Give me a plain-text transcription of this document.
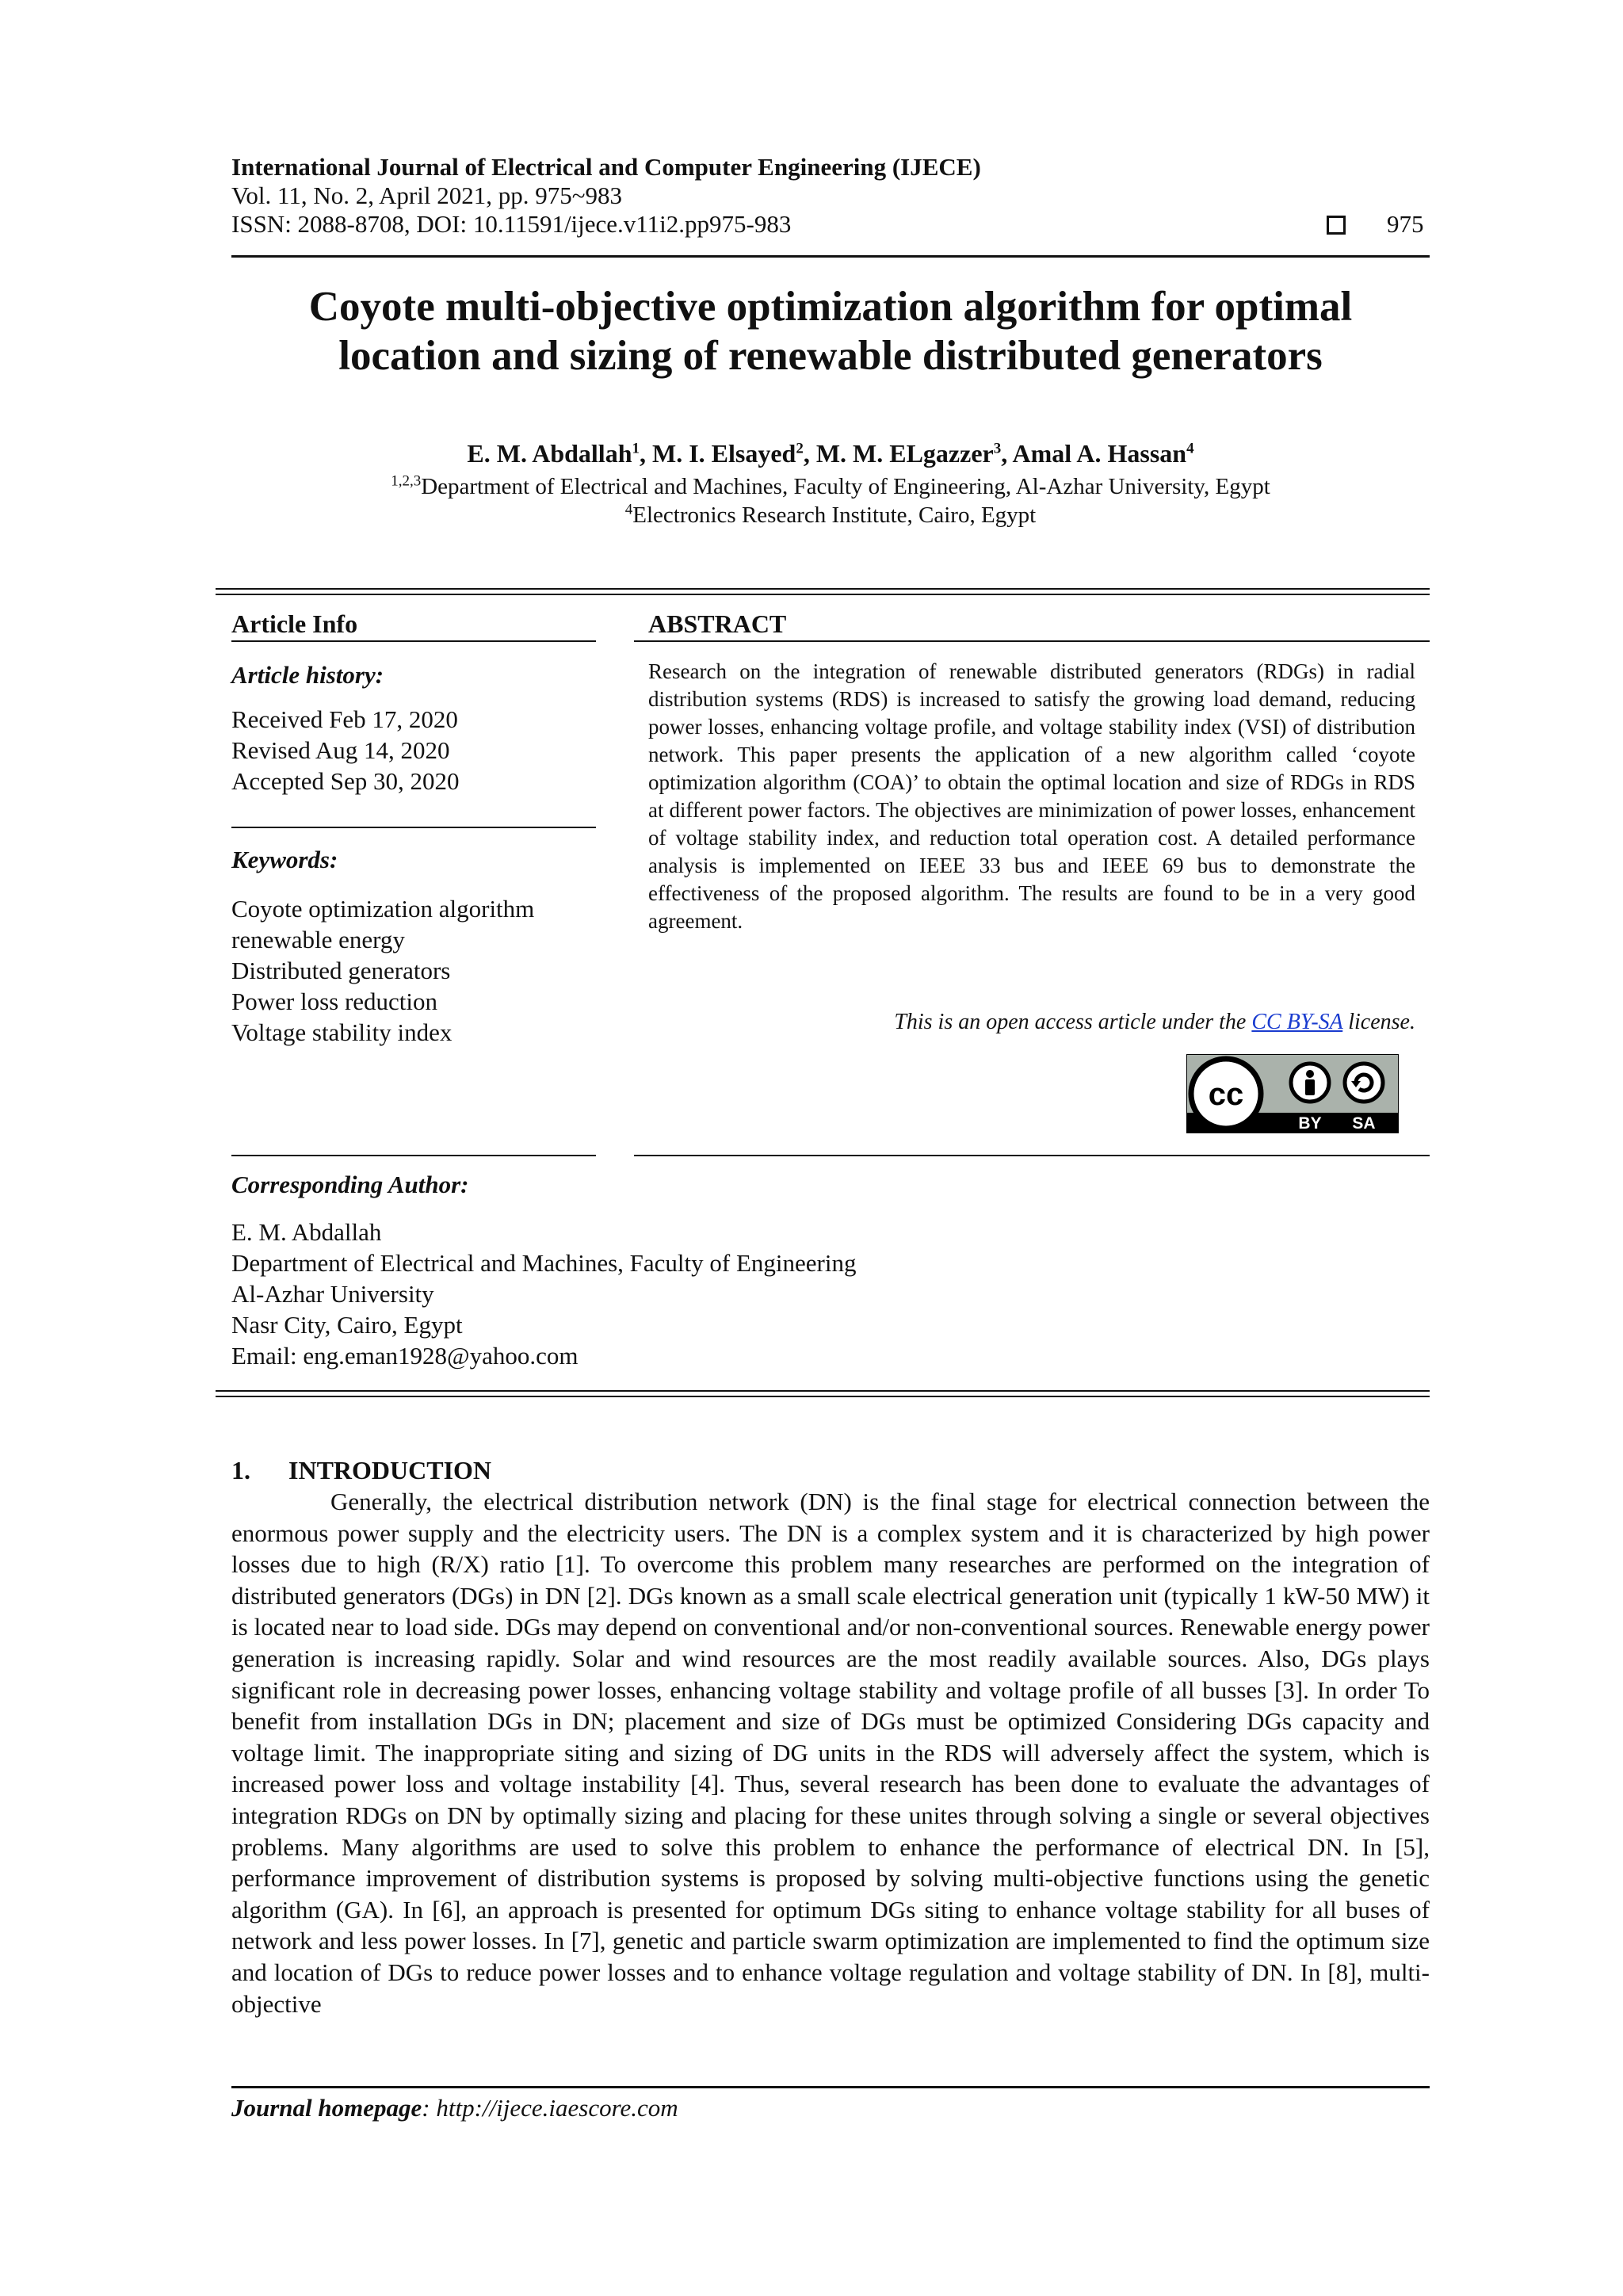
International Journal of Electrical and Computer Engineering (IJECE)
Vol. 11, No. 2, April 2021, pp. 975~983
ISSN: 2088-8708, DOI: 10.11591/ijece.v11i2.pp975-983	975
Coyote multi-objective optimization algorithm for optimal
location and sizing of renewable distributed generators
E. M. Abdallah$^1$, M. I. Elsayed$^2$, M. M. ELgazzer$^3$, Amal A. Hassan$^4$
$^{1,2,3}$Department of Electrical and Machines, Faculty of Engineering, Al-Azhar University, Egypt
$^4$Electronics Research Institute, Cairo, Egypt
Article Info	ABSTRACT
Article history:
Received Feb 17, 2020
Revised Aug 14, 2020
Accepted Sep 30, 2020
Keywords:
Coyote optimization algorithm
renewable energy
Distributed generators
Power loss reduction
Voltage stability index
Research on the integration of renewable distributed generators (RDGs) in radial distribution systems (RDS) is increased to satisfy the growing load demand, reducing power losses, enhancing voltage profile, and voltage stability index (VSI) of distribution network. This paper presents the application of a new algorithm called ‘coyote optimization algorithm (COA)’ to obtain the optimal location and size of RDGs in RDS at different power factors. The objectives are minimization of power losses, enhancement of voltage stability index, and reduction total operation cost. A detailed performance analysis is implemented on IEEE 33 bus and IEEE 69 bus to demonstrate the effectiveness of the proposed algorithm. The results are found to be in a very good agreement.
This is an open access article under the CC BY-SA license.
cc
BY SA
Corresponding Author:
E. M. Abdallah
Department of Electrical and Machines, Faculty of Engineering
Al-Azhar University
Nasr City, Cairo, Egypt
Email: eng.eman1928@yahoo.com
1. INTRODUCTION
Generally, the electrical distribution network (DN) is the final stage for electrical connection between the enormous power supply and the electricity users. The DN is a complex system and it is characterized by high power losses due to high (R/X) ratio [1]. To overcome this problem many researches are performed on the integration of distributed generators (DGs) in DN [2]. DGs known as a small scale electrical generation unit (typically 1 kW-50 MW) it is located near to load side. DGs may depend on conventional and/or non-conventional sources. Renewable energy power generation is increasing rapidly. Solar and wind resources are the most readily available sources. Also, DGs plays significant role in decreasing power losses, enhancing voltage stability and voltage profile of all busses [3]. In order To benefit from installation DGs in DN; placement and size of DGs must be optimized Considering DGs capacity and voltage limit. The inappropriate siting and sizing of DG units in the RDS will adversely affect the system, which is increased power loss and voltage instability [4]. Thus, several research has been done to evaluate the advantages of integration RDGs on DN by optimally sizing and placing for these unites through solving a single or several objectives problems. Many algorithms are used to solve this problem to enhance the performance of electrical DN. In [5], performance improvement of distribution systems is proposed by solving multi-objective functions using the genetic algorithm (GA). In [6], an approach is presented for optimum DGs siting to enhance voltage stability for all buses of network and less power losses. In [7], genetic and particle swarm optimization are implemented to find the optimum size and location of DGs to reduce power losses and to enhance voltage regulation and voltage stability of DN. In [8], multi-objective
Journal homepage: http://ijece.iaescore.com
